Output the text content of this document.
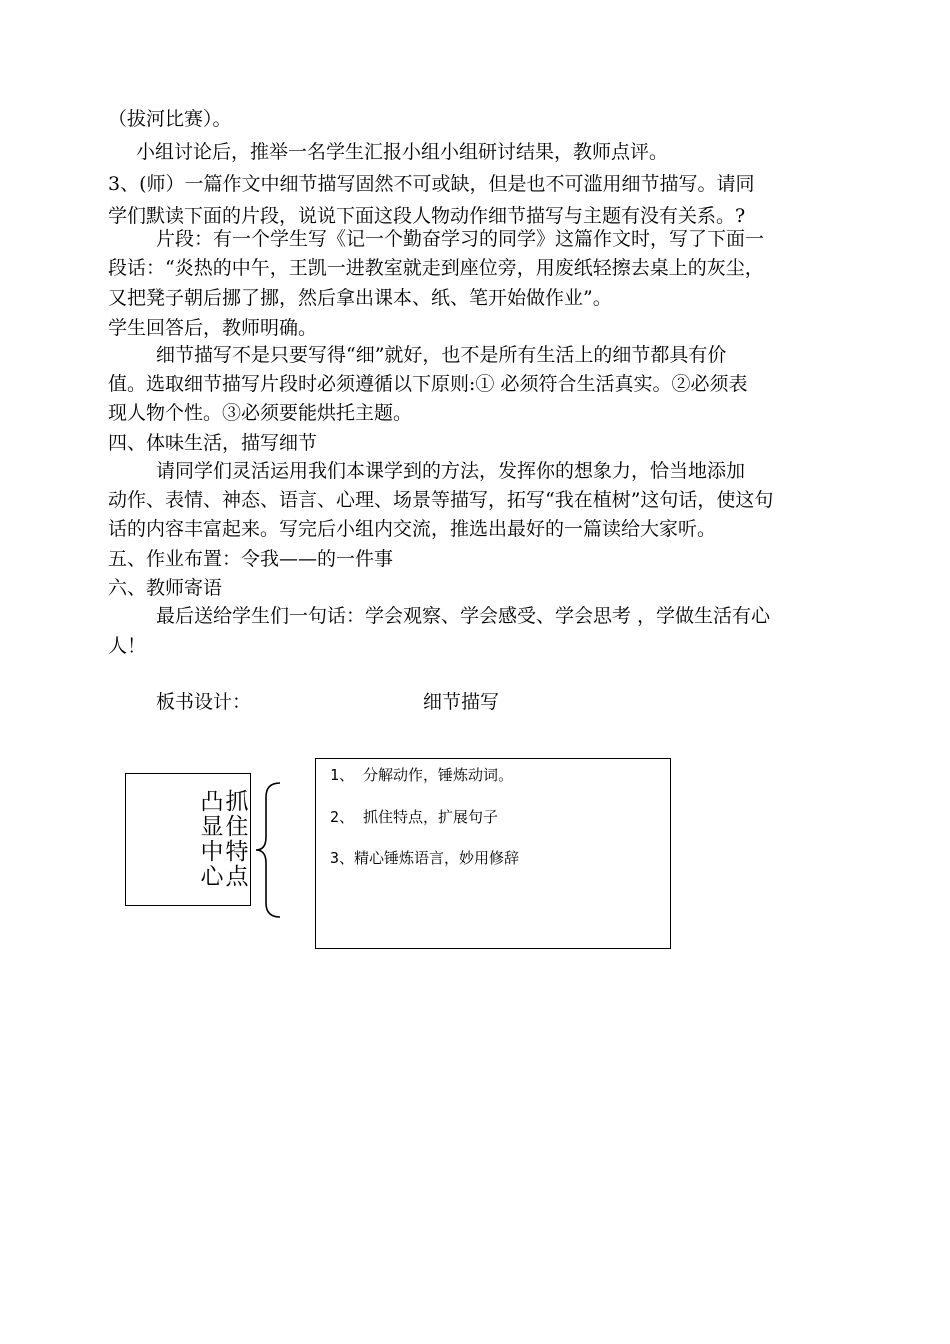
（拔河比赛）。

小组讨论后，推举一名学生汇报小组小组研讨结果，教师点评。

3、(师）一篇作文中细节描写固然不可或缺，但是也不可滥用细节描写。请同

学们默读下面的片段，说说下面这段人物动作细节描写与主题有没有关系。?

片段：有一个学生写《记一个勤奋学习的同学》这篇作文时，写了下面一

段话：“炎热的中午，王凯一进教室就走到座位旁，用废纸轻擦去桌上的灰尘，

又把凳子朝后挪了挪，然后拿出课本、纸、笔开始做作业”。

学生回答后，教师明确。

细节描写不是只要写得“细”就好，也不是所有生活上的细节都具有价

值。选取细节描写片段时必须遵循以下原则:① 必须符合生活真实。②必须表

现人物个性。③必须要能烘托主题。

四、体味生活，描写细节

请同学们灵活运用我们本课学到的方法，发挥你的想象力，恰当地添加

动作、表情、神态、语言、心理、场景等描写，拓写“我在植树”这句话，使这句

话的内容丰富起来。写完后小组内交流，推选出最好的一篇读给大家听。

五、作业布置：令我——的一件事

六、教师寄语

最后送给学生们一句话：学会观察、学会感受、学会思考 ，学做生活有心

人！

板书设计：	细节描写

凸
显
中
心
抓
住
特
点
1、 分解动作，锤炼动词。
2、 抓住特点，扩展句子
3、精心锤炼语言，妙用修辞
